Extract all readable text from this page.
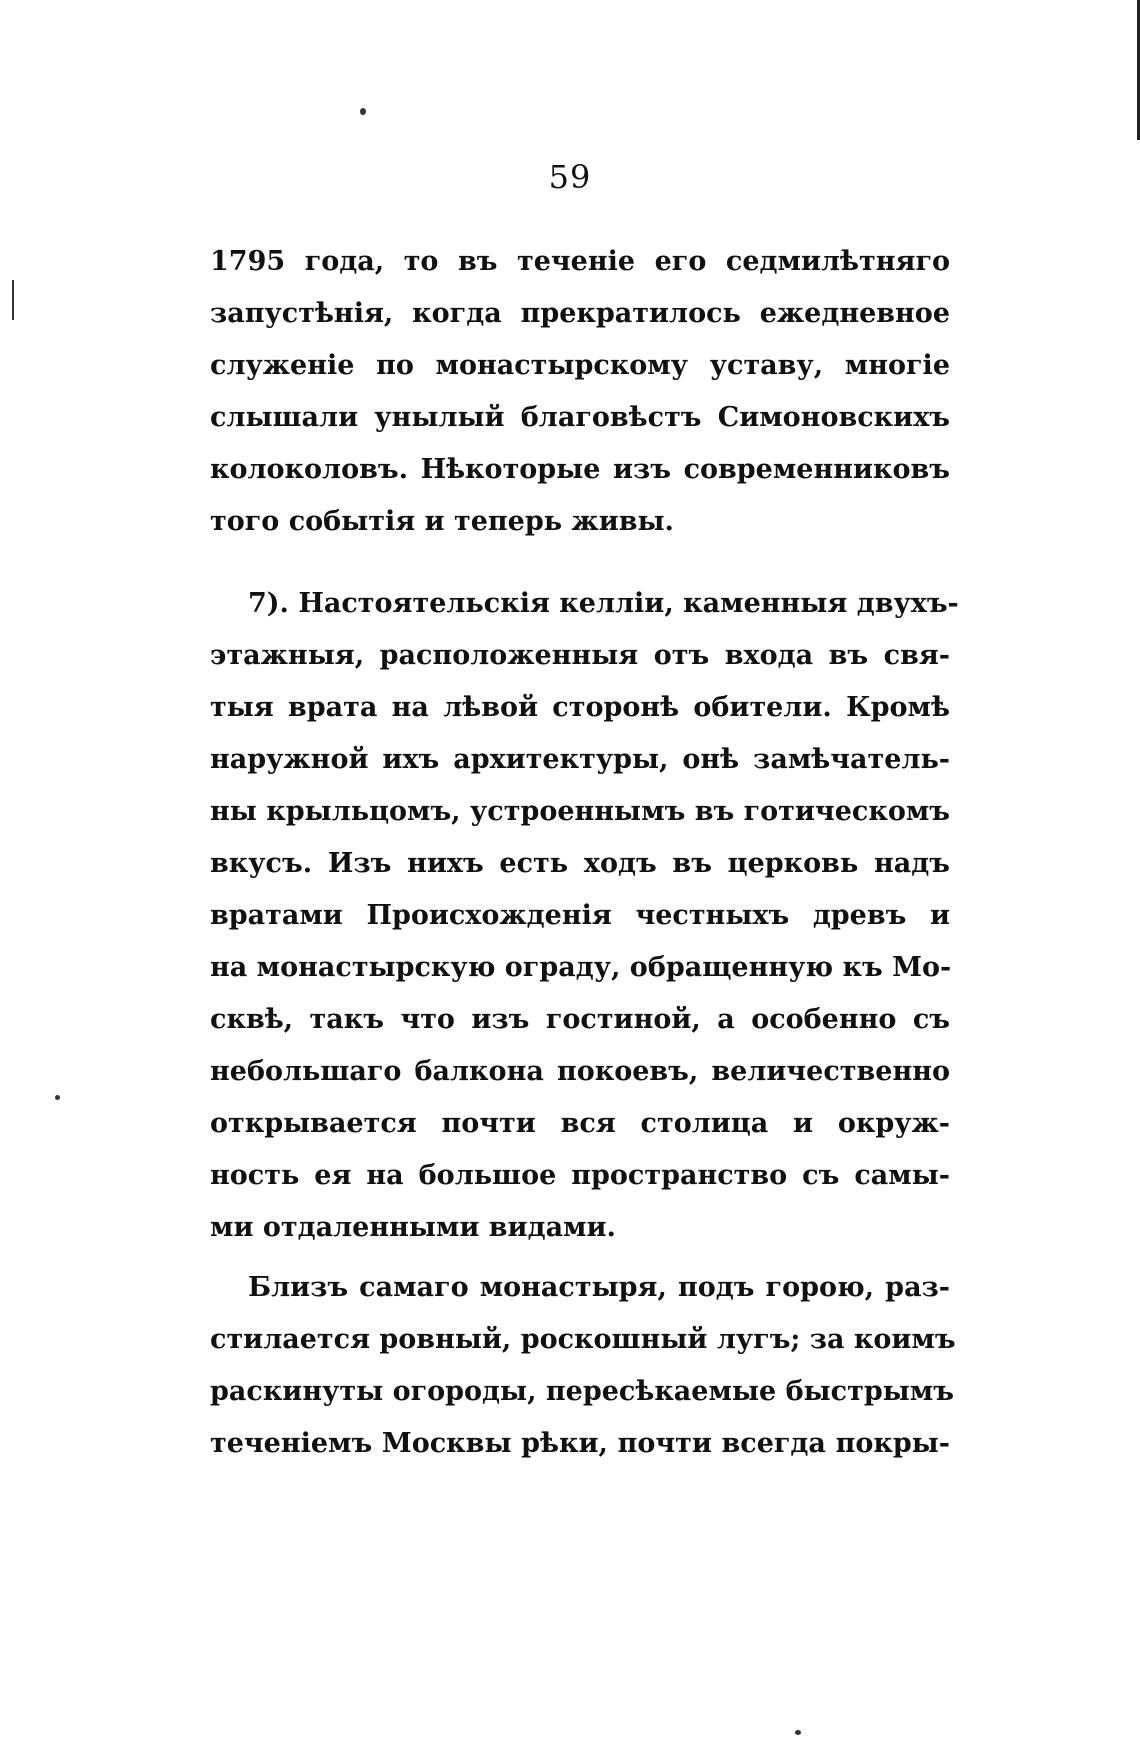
59
1795 года, то въ теченіе его седмилѣтняго
запустѣнія, когда прекратилось ежедневное
служеніе по монастырскому уставу, многіе
слышали унылый благовѣстъ Симоновскихъ
колоколовъ. Нѣкоторые изъ современниковъ
того событія и теперь живы.
7). Настоятельскія келліи, каменныя двухъ-
этажныя, расположенныя отъ входа въ свя-
тыя врата на лѣвой сторонѣ обители. Кромѣ
наружной ихъ архитектуры, онѣ замѣчатель-
ны крыльцомъ, устроеннымъ въ готическомъ
вкусъ. Изъ нихъ есть ходъ въ церковь надъ
вратами Происхожденія честныхъ древъ и
на монастырскую ограду, обращенную къ Мо-
сквѣ, такъ что изъ гостиной, а особенно съ
небольшаго балкона покоевъ, величественно
открывается почти вся столица и окруж-
ность ея на большое пространство съ самы-
ми отдаленными видами.
Близъ самаго монастыря, подъ горою, раз-
стилается ровный, роскошный лугъ; за коимъ
раскинуты огороды, пересѣкаемые быстрымъ
теченіемъ Москвы рѣки, почти всегда покры-
